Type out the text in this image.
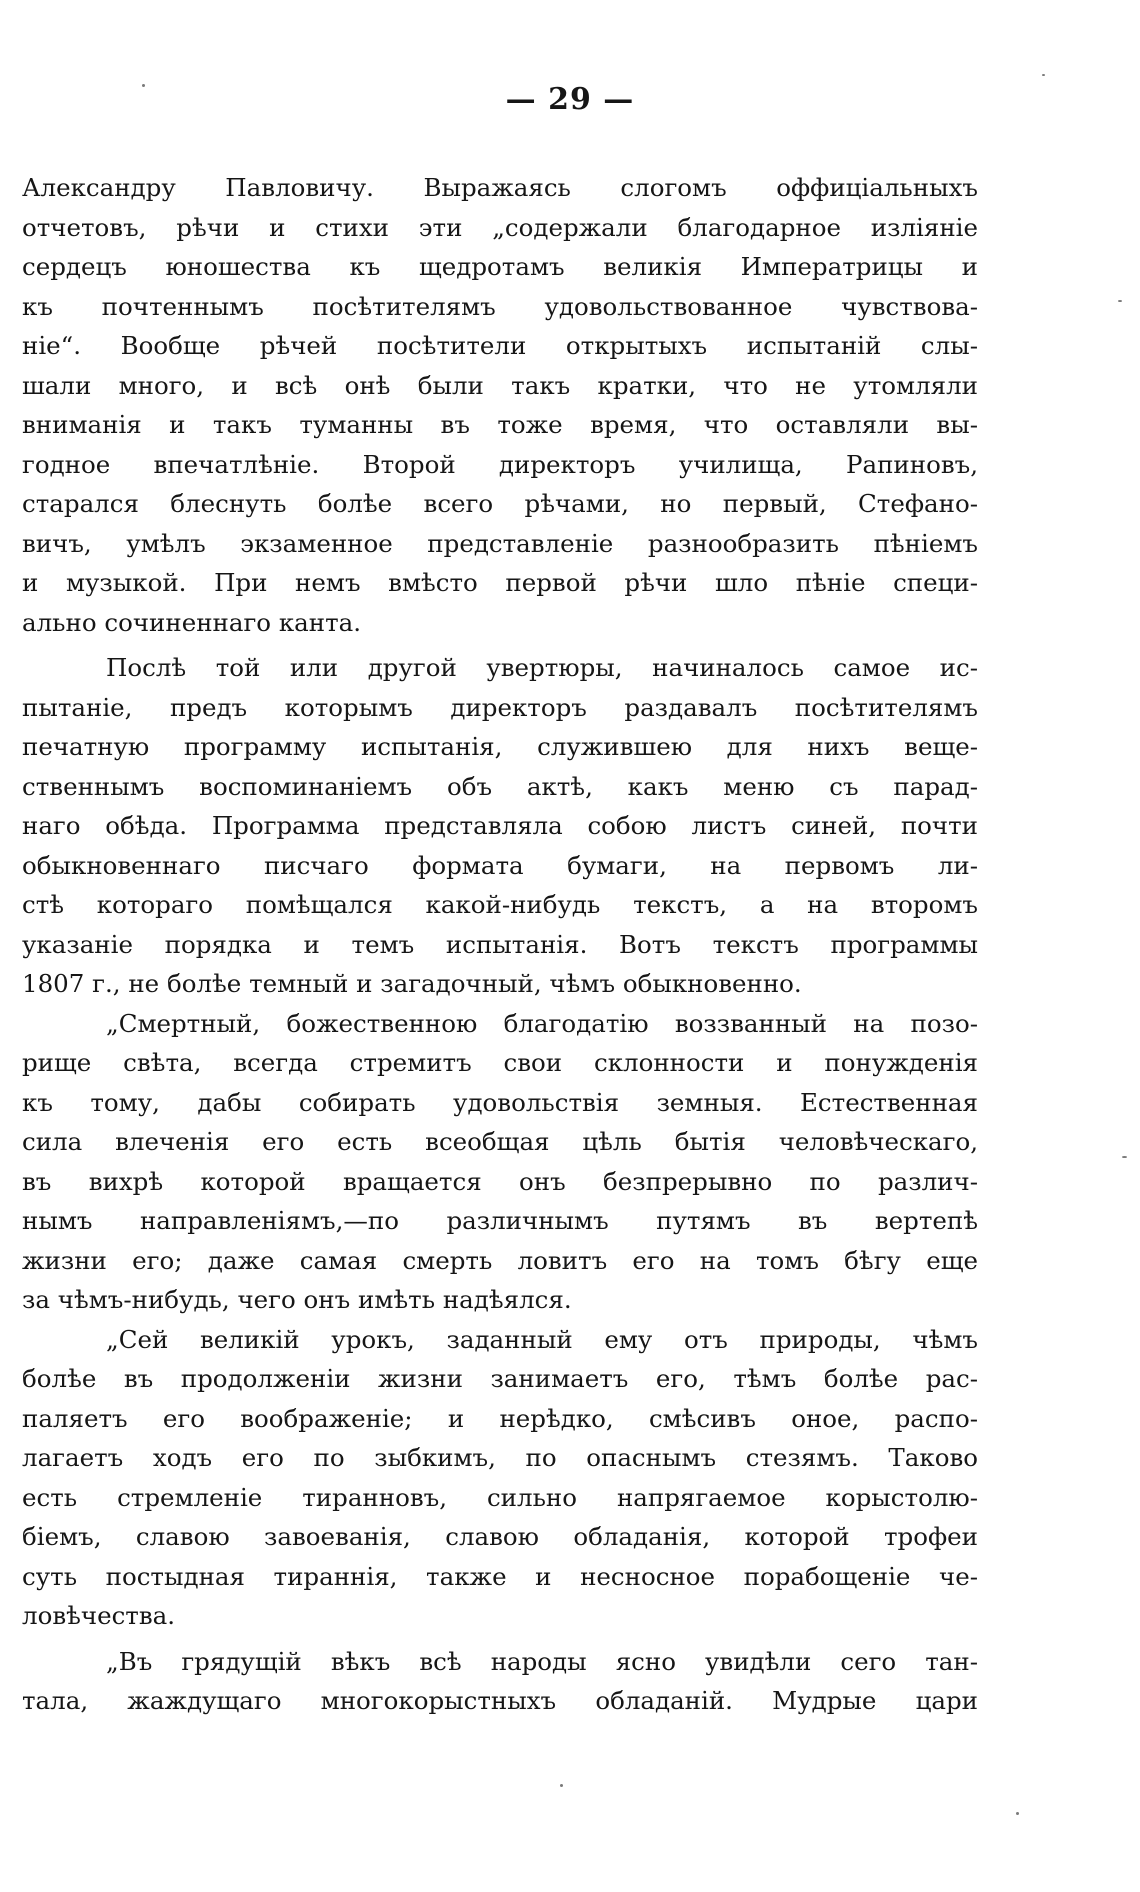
— 29 —
Александру Павловичу. Выражаясь слогомъ оффиціальныхъ
отчетовъ, рѣчи и стихи эти „содержали благодарное изліяніе
сердецъ юношества къ щедротамъ великія Императрицы и
къ почтеннымъ посѣтителямъ удовольствованное чувствова-
ніе“. Вообще рѣчей посѣтители открытыхъ испытаній слы-
шали много, и всѣ онѣ были такъ кратки, что не утомляли
вниманія и такъ туманны въ тоже время, что оставляли вы-
годное впечатлѣніе. Второй директоръ училища, Рапиновъ,
старался блеснуть болѣе всего рѣчами, но первый, Стефано-
вичъ, умѣлъ экзаменное представленіе разнообразить пѣніемъ
и музыкой. При немъ вмѣсто первой рѣчи шло пѣніе специ-
ально сочиненнаго канта.
Послѣ той или другой увертюры, начиналось самое ис-
пытаніе, предъ которымъ директоръ раздавалъ посѣтителямъ
печатную программу испытанія, служившею для нихъ веще-
ственнымъ воспоминаніемъ объ актѣ, какъ меню съ парад-
наго обѣда. Программа представляла собою листъ синей, почти
обыкновеннаго писчаго формата бумаги, на первомъ ли-
стѣ котораго помѣщался какой-нибудь текстъ, а на второмъ
указаніе порядка и темъ испытанія. Вотъ текстъ программы
1807 г., не болѣе темный и загадочный, чѣмъ обыкновенно.
„Смертный, божественною благодатію воззванный на позо-
рище свѣта, всегда стремитъ свои склонности и понужденія
къ тому, дабы собирать удовольствія земныя. Естественная
сила влеченія его есть всеобщая цѣль бытія человѣческаго,
въ вихрѣ которой вращается онъ безпрерывно по различ-
нымъ направленіямъ,—по различнымъ путямъ въ вертепѣ
жизни его; даже самая смерть ловитъ его на томъ бѣгу еще
за чѣмъ-нибудь, чего онъ имѣть надѣялся.
„Сей великій урокъ, заданный ему отъ природы, чѣмъ
болѣе въ продолженіи жизни занимаетъ его, тѣмъ болѣе рас-
паляетъ его воображеніе; и нерѣдко, смѣсивъ оное, распо-
лагаетъ ходъ его по зыбкимъ, по опаснымъ стезямъ. Таково
есть стремленіе тиранновъ, сильно напрягаемое корыстолю-
біемъ, славою завоеванія, славою обладанія, которой трофеи
суть постыдная тираннія, также и несносное порабощеніе че-
ловѣчества.
„Въ грядущій вѣкъ всѣ народы ясно увидѣли сего тан-
тала, жаждущаго многокорыстныхъ обладаній. Мудрые цари
